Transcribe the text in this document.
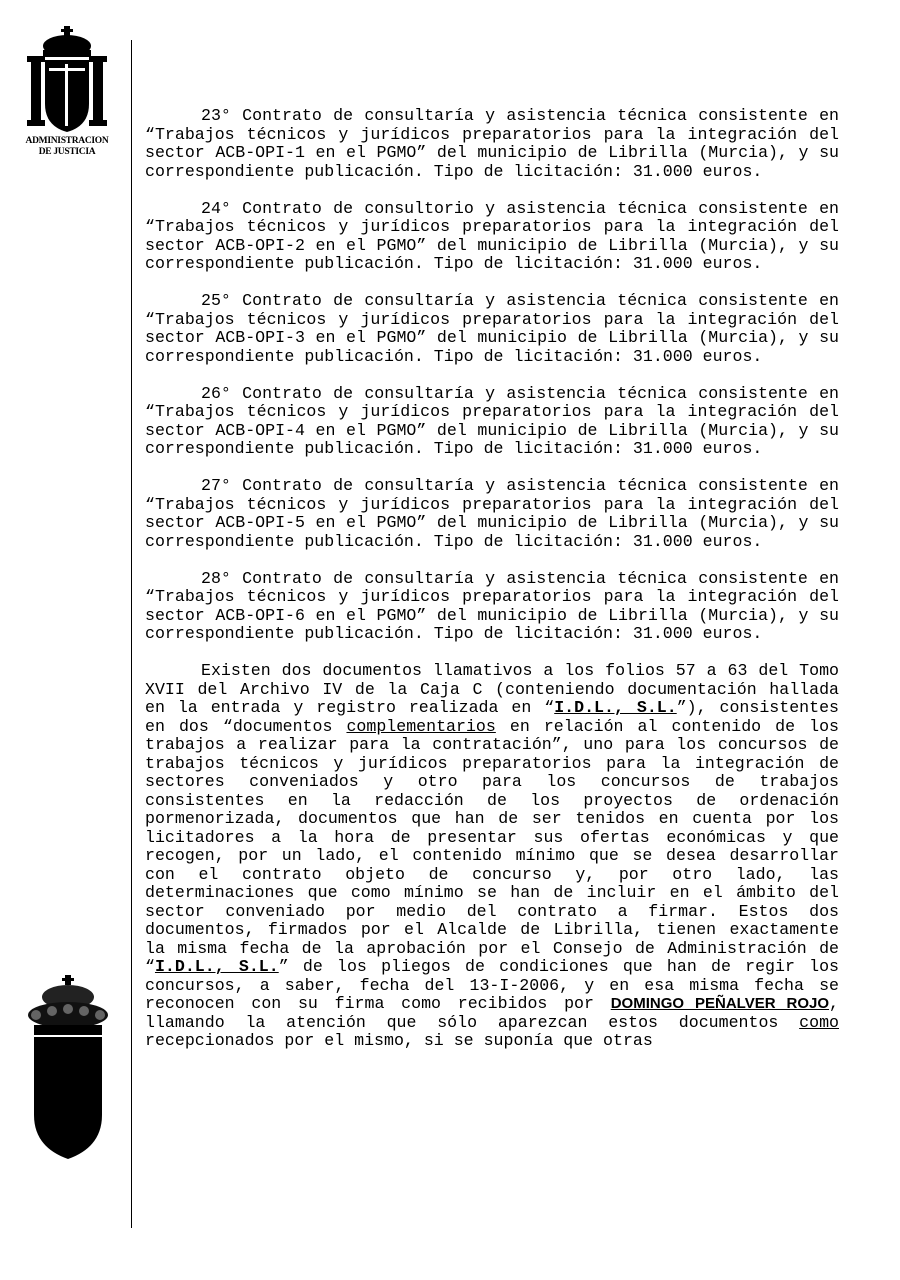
ADMINISTRACION
DE JUSTICIA

23° Contrato de consultaría y asistencia técnica consistente en “Trabajos técnicos y jurídicos preparatorios para la integración del sector ACB-OPI-1 en el PGMO” del municipio de Librilla (Murcia), y su correspondiente publicación. Tipo de licitación: 31.000 euros.

24° Contrato de consultorio y asistencia técnica consistente en “Trabajos técnicos y jurídicos preparatorios para la integración del sector ACB-OPI-2 en el PGMO” del municipio de Librilla (Murcia), y su correspondiente publicación. Tipo de licitación: 31.000 euros.

25° Contrato de consultaría y asistencia técnica consistente en “Trabajos técnicos y jurídicos preparatorios para la integración del sector ACB-OPI-3 en el PGMO” del municipio de Librilla (Murcia), y su correspondiente publicación. Tipo de licitación: 31.000 euros.

26° Contrato de consultaría y asistencia técnica consistente en “Trabajos técnicos y jurídicos preparatorios para la integración del sector ACB-OPI-4 en el PGMO” del municipio de Librilla (Murcia), y su correspondiente publicación. Tipo de licitación: 31.000 euros.

27° Contrato de consultaría y asistencia técnica consistente en “Trabajos técnicos y jurídicos preparatorios para la integración del sector ACB-OPI-5 en el PGMO” del municipio de Librilla (Murcia), y su correspondiente publicación. Tipo de licitación: 31.000 euros.

28° Contrato de consultaría y asistencia técnica consistente en “Trabajos técnicos y jurídicos preparatorios para la integración del sector ACB-OPI-6 en el PGMO” del municipio de Librilla (Murcia), y su correspondiente publicación. Tipo de licitación: 31.000 euros.

Existen dos documentos llamativos a los folios 57 a 63 del Tomo XVII del Archivo IV de la Caja C (conteniendo documentación hallada en la entrada y registro realizada en “I.D.L., S.L.”), consistentes en dos “documentos complementarios en relación al contenido de los trabajos a realizar para la contratación”, uno para los concursos de trabajos técnicos y jurídicos preparatorios para la integración de sectores conveniados y otro para los concursos de trabajos consistentes en la redacción de los proyectos de ordenación pormenorizada, documentos que han de ser tenidos en cuenta por los licitadores a la hora de presentar sus ofertas económicas y que recogen, por un lado, el contenido mínimo que se desea desarrollar con el contrato objeto de concurso y, por otro lado, las determinaciones que como mínimo se han de incluir en el ámbito del sector conveniado por medio del contrato a firmar. Estos dos documentos, firmados por el Alcalde de Librilla, tienen exactamente la misma fecha de la aprobación por el Consejo de Administración de “I.D.L., S.L.” de los pliegos de condiciones que han de regir los concursos, a saber, fecha del 13-I-2006, y en esa misma fecha se reconocen con su firma como recibidos por DOMINGO PEÑALVER ROJO, llamando la atención que sólo aparezcan estos documentos como recepcionados por el mismo, si se suponía que otras
